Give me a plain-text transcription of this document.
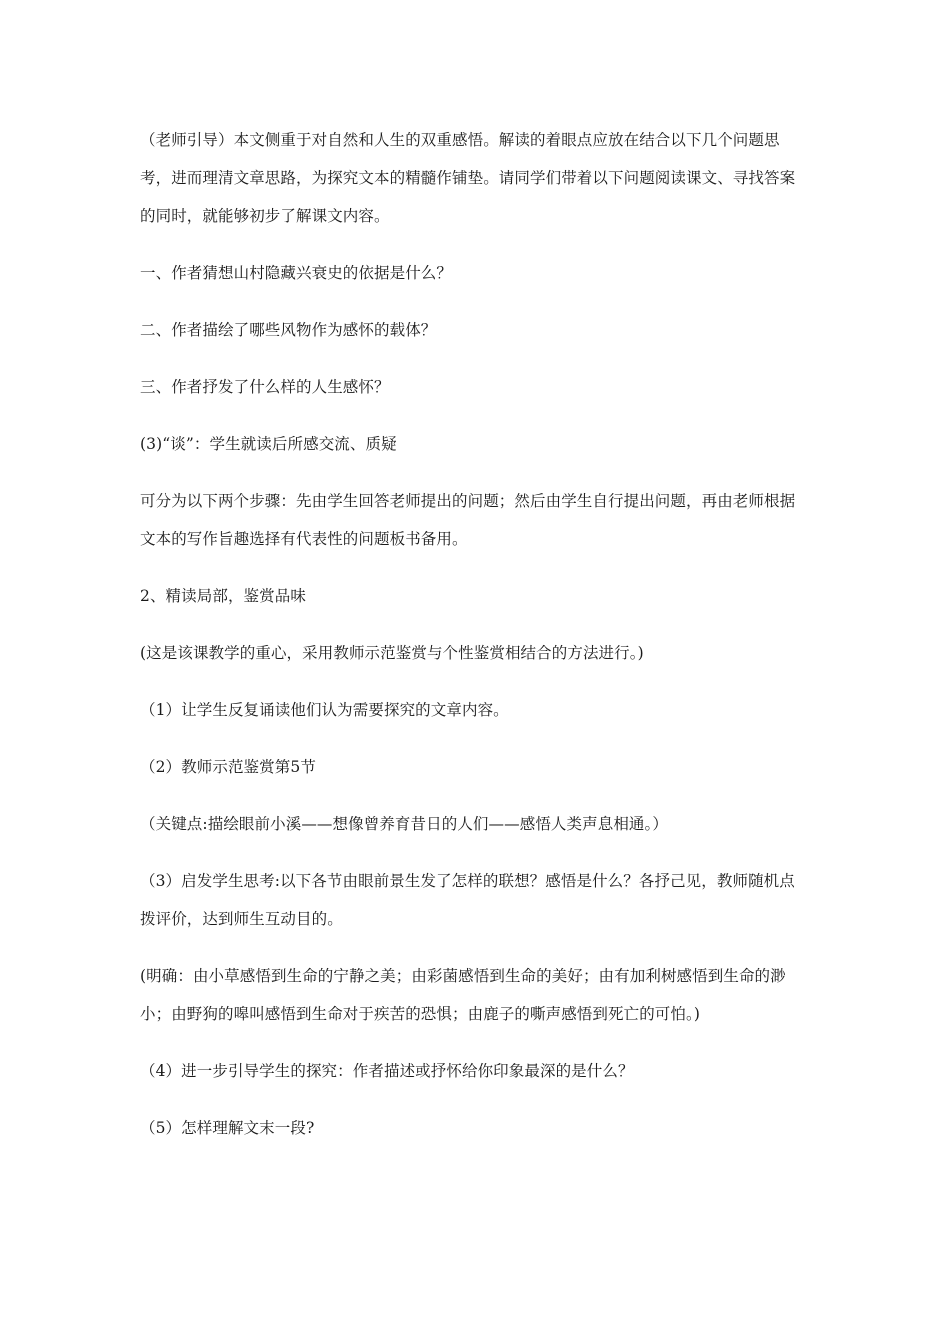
（老师引导）本文侧重于对自然和人生的双重感悟。解读的着眼点应放在结合以下几个问题思考，进而理清文章思路，为探究文本的精髓作铺垫。请同学们带着以下问题阅读课文、寻找答案的同时，就能够初步了解课文内容。

一、作者猜想山村隐藏兴衰史的依据是什么？

二、作者描绘了哪些风物作为感怀的载体？

三、作者抒发了什么样的人生感怀？

(3)“谈”：学生就读后所感交流、质疑

可分为以下两个步骤：先由学生回答老师提出的问题；然后由学生自行提出问题，再由老师根据文本的写作旨趣选择有代表性的问题板书备用。

2、精读局部，鉴赏品味

(这是该课教学的重心，采用教师示范鉴赏与个性鉴赏相结合的方法进行。)

（1）让学生反复诵读他们认为需要探究的文章内容。

（2）教师示范鉴赏第5节

（关键点:描绘眼前小溪——想像曾养育昔日的人们——感悟人类声息相通。）

（3）启发学生思考:以下各节由眼前景生发了怎样的联想？感悟是什么？各抒己见，教师随机点拨评价，达到师生互动目的。

(明确：由小草感悟到生命的宁静之美；由彩菌感悟到生命的美好；由有加利树感悟到生命的渺小；由野狗的嗥叫感悟到生命对于疾苦的恐惧；由鹿子的嘶声感悟到死亡的可怕。)

（4）进一步引导学生的探究：作者描述或抒怀给你印象最深的是什么？

（5）怎样理解文末一段?
